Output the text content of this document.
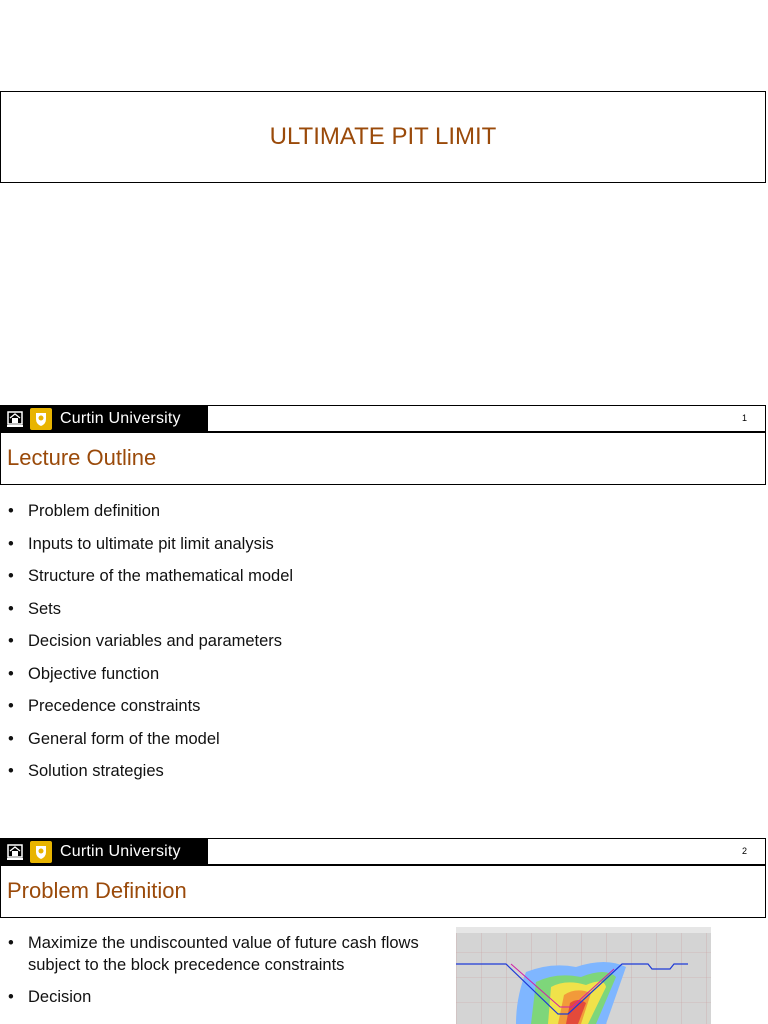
ULTIMATE PIT LIMIT
Curtin University	1
Lecture Outline
• Problem definition
• Inputs to ultimate pit limit analysis
• Structure of the mathematical model
• Sets
• Decision variables and parameters
• Objective function
• Precedence constraints
• General form of the model
• Solution strategies
Curtin University	2
Problem Definition
• Maximize the undiscounted value of future cash flows subject to the block precedence constraints
• Decision
